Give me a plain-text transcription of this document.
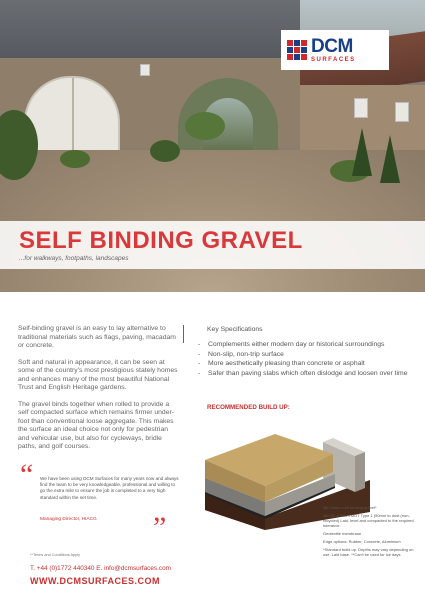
DCM
SURFACES
SELF BINDING GRAVEL
...for walkways, footpaths, landscapes

Self-binding gravel is an easy to lay alternative to traditional materials such as flags, paving, macadam or concrete.

Soft and natural in appearance, it can be seen at some of the country's most prestigious stately homes and enhances many of the most beautiful National Trust and English Heritage gardens.

The gravel binds together when rolled to provide a self compacted surface which remains firmer under-foot than conventional loose aggregate. This makes the surface an ideal choice not only for pedestrian and vehicular use, but also for cycleways, bridle paths, and golf courses.

Key Specifications
-	Complements either modern day or historical surroundings
-	Non-slip, non-trip surface
-	More aesthetically pleasing than concrete or asphalt
-	Safer than paving slabs which often dislodge and loosen over time
RECOMMENDED BUILD UP:

Min 50mm self binding gravel*

Min 50-100mm MOT Type 1 (50mm to dust (non-recycled) Laid, level and compacted to the required tolerance.

Geotextile membrane

Edge options: Rubber, Concrete, Aluminium

*Standard build up. Depths may vary depending on use. Laid base. **Can't be used for ice days

“ We have been using DCM Surfaces for many years now and always find the team to be very knowledgeable, professional and willing to go the extra mile to ensure the job is completed to a very high standard within the set time.
Managing Director, HIACG ”
**Terms and Conditions Apply
T. +44 (0)1772 440340 E. info@dcmsurfaces.com
WWW.DCMSURFACES.COM
